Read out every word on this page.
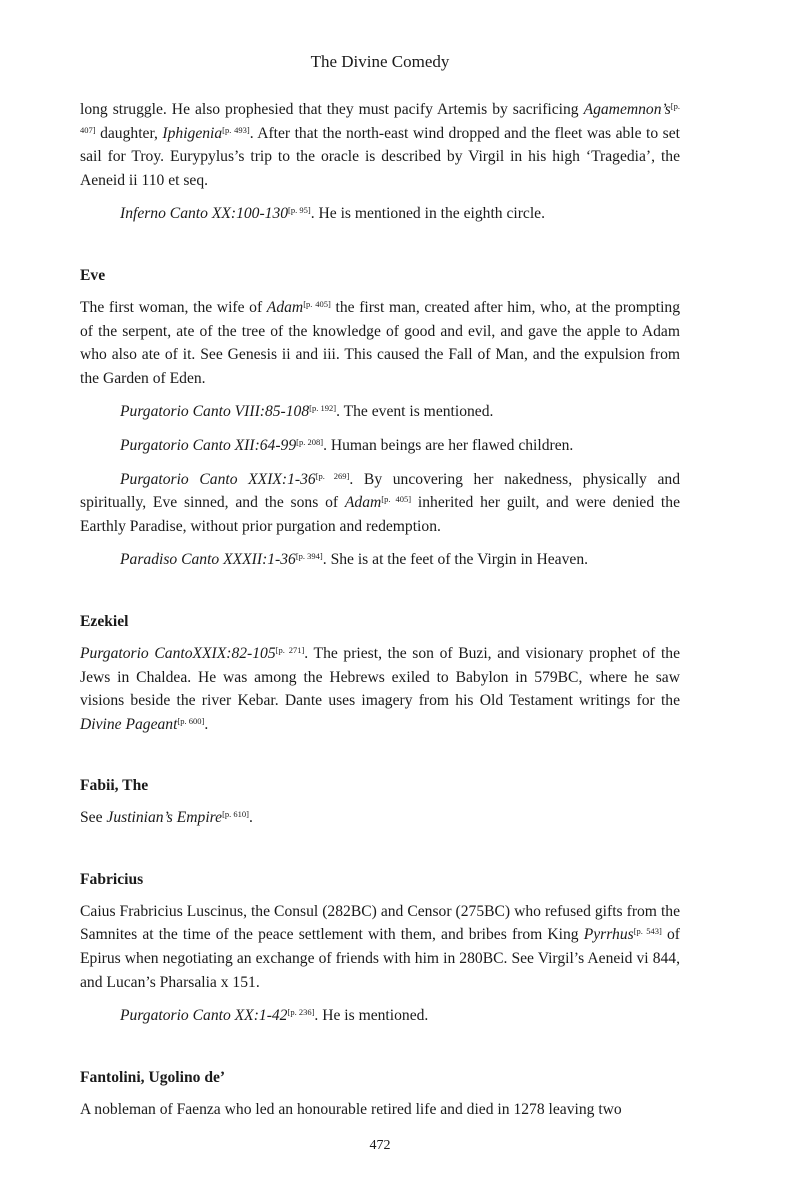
The Divine Comedy

long struggle. He also prophesied that they must pacify Artemis by sacrificing Agamemnon’s[p. 407] daughter, Iphigenia[p. 493]. After that the north-east wind dropped and the fleet was able to set sail for Troy. Eurypylus’s trip to the oracle is described by Virgil in his high ‘Tragedia’, the Aeneid ii 110 et seq.

Inferno Canto XX:100-130[p. 95]. He is mentioned in the eighth circle.

Eve

The first woman, the wife of Adam[p. 405] the first man, created after him, who, at the prompting of the serpent, ate of the tree of the knowledge of good and evil, and gave the apple to Adam who also ate of it. See Genesis ii and iii. This caused the Fall of Man, and the expulsion from the Garden of Eden.

Purgatorio Canto VIII:85-108[p. 192]. The event is mentioned.

Purgatorio Canto XII:64-99[p. 208]. Human beings are her flawed children.

Purgatorio Canto XXIX:1-36[p. 269]. By uncovering her nakedness, physically and spiritually, Eve sinned, and the sons of Adam[p. 405] inherited her guilt, and were denied the Earthly Paradise, without prior purgation and redemption.

Paradiso Canto XXXII:1-36[p. 394]. She is at the feet of the Virgin in Heaven.

Ezekiel

Purgatorio CantoXXIX:82-105[p. 271]. The priest, the son of Buzi, and visionary prophet of the Jews in Chaldea. He was among the Hebrews exiled to Babylon in 579BC, where he saw visions beside the river Kebar. Dante uses imagery from his Old Testament writings for the Divine Pageant[p. 600].

Fabii, The

See Justinian’s Empire[p. 610].

Fabricius

Caius Frabricius Luscinus, the Consul (282BC) and Censor (275BC) who refused gifts from the Samnites at the time of the peace settlement with them, and bribes from King Pyrrhus[p. 543] of Epirus when negotiating an exchange of friends with him in 280BC. See Virgil’s Aeneid vi 844, and Lucan’s Pharsalia x 151.

Purgatorio Canto XX:1-42[p. 236]. He is mentioned.

Fantolini, Ugolino de’

A nobleman of Faenza who led an honourable retired life and died in 1278 leaving two

472
